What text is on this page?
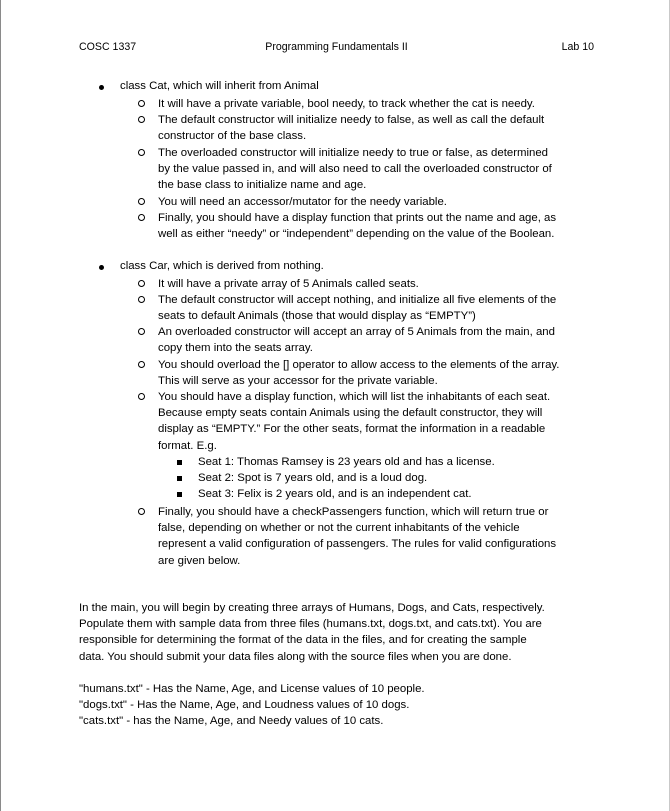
COSC 1337	Programming Fundamentals II	Lab 10
class Cat, which will inherit from Animal
It will have a private variable, bool needy, to track whether the cat is needy.
The default constructor will initialize needy to false, as well as call the default
constructor of the base class.
The overloaded constructor will initialize needy to true or false, as determined
by the value passed in, and will also need to call the overloaded constructor of
the base class to initialize name and age.
You will need an accessor/mutator for the needy variable.
Finally, you should have a display function that prints out the name and age, as
well as either “needy” or “independent” depending on the value of the Boolean.
class Car, which is derived from nothing.
It will have a private array of 5 Animals called seats.
The default constructor will accept nothing, and initialize all five elements of the
seats to default Animals (those that would display as “EMPTY”)
An overloaded constructor will accept an array of 5 Animals from the main, and
copy them into the seats array.
You should overload the [] operator to allow access to the elements of the array.
This will serve as your accessor for the private variable.
You should have a display function, which will list the inhabitants of each seat.
Because empty seats contain Animals using the default constructor, they will
display as “EMPTY.” For the other seats, format the information in a readable
format. E.g.
Seat 1: Thomas Ramsey is 23 years old and has a license.
Seat 2: Spot is 7 years old, and is a loud dog.
Seat 3: Felix is 2 years old, and is an independent cat.
Finally, you should have a checkPassengers function, which will return true or
false, depending on whether or not the current inhabitants of the vehicle
represent a valid configuration of passengers. The rules for valid configurations
are given below.
In the main, you will begin by creating three arrays of Humans, Dogs, and Cats, respectively.
Populate them with sample data from three files (humans.txt, dogs.txt, and cats.txt). You are
responsible for determining the format of the data in the files, and for creating the sample
data. You should submit your data files along with the source files when you are done.
"humans.txt" - Has the Name, Age, and License values of 10 people.
"dogs.txt" - Has the Name, Age, and Loudness values of 10 dogs.
"cats.txt" - has the Name, Age, and Needy values of 10 cats.
